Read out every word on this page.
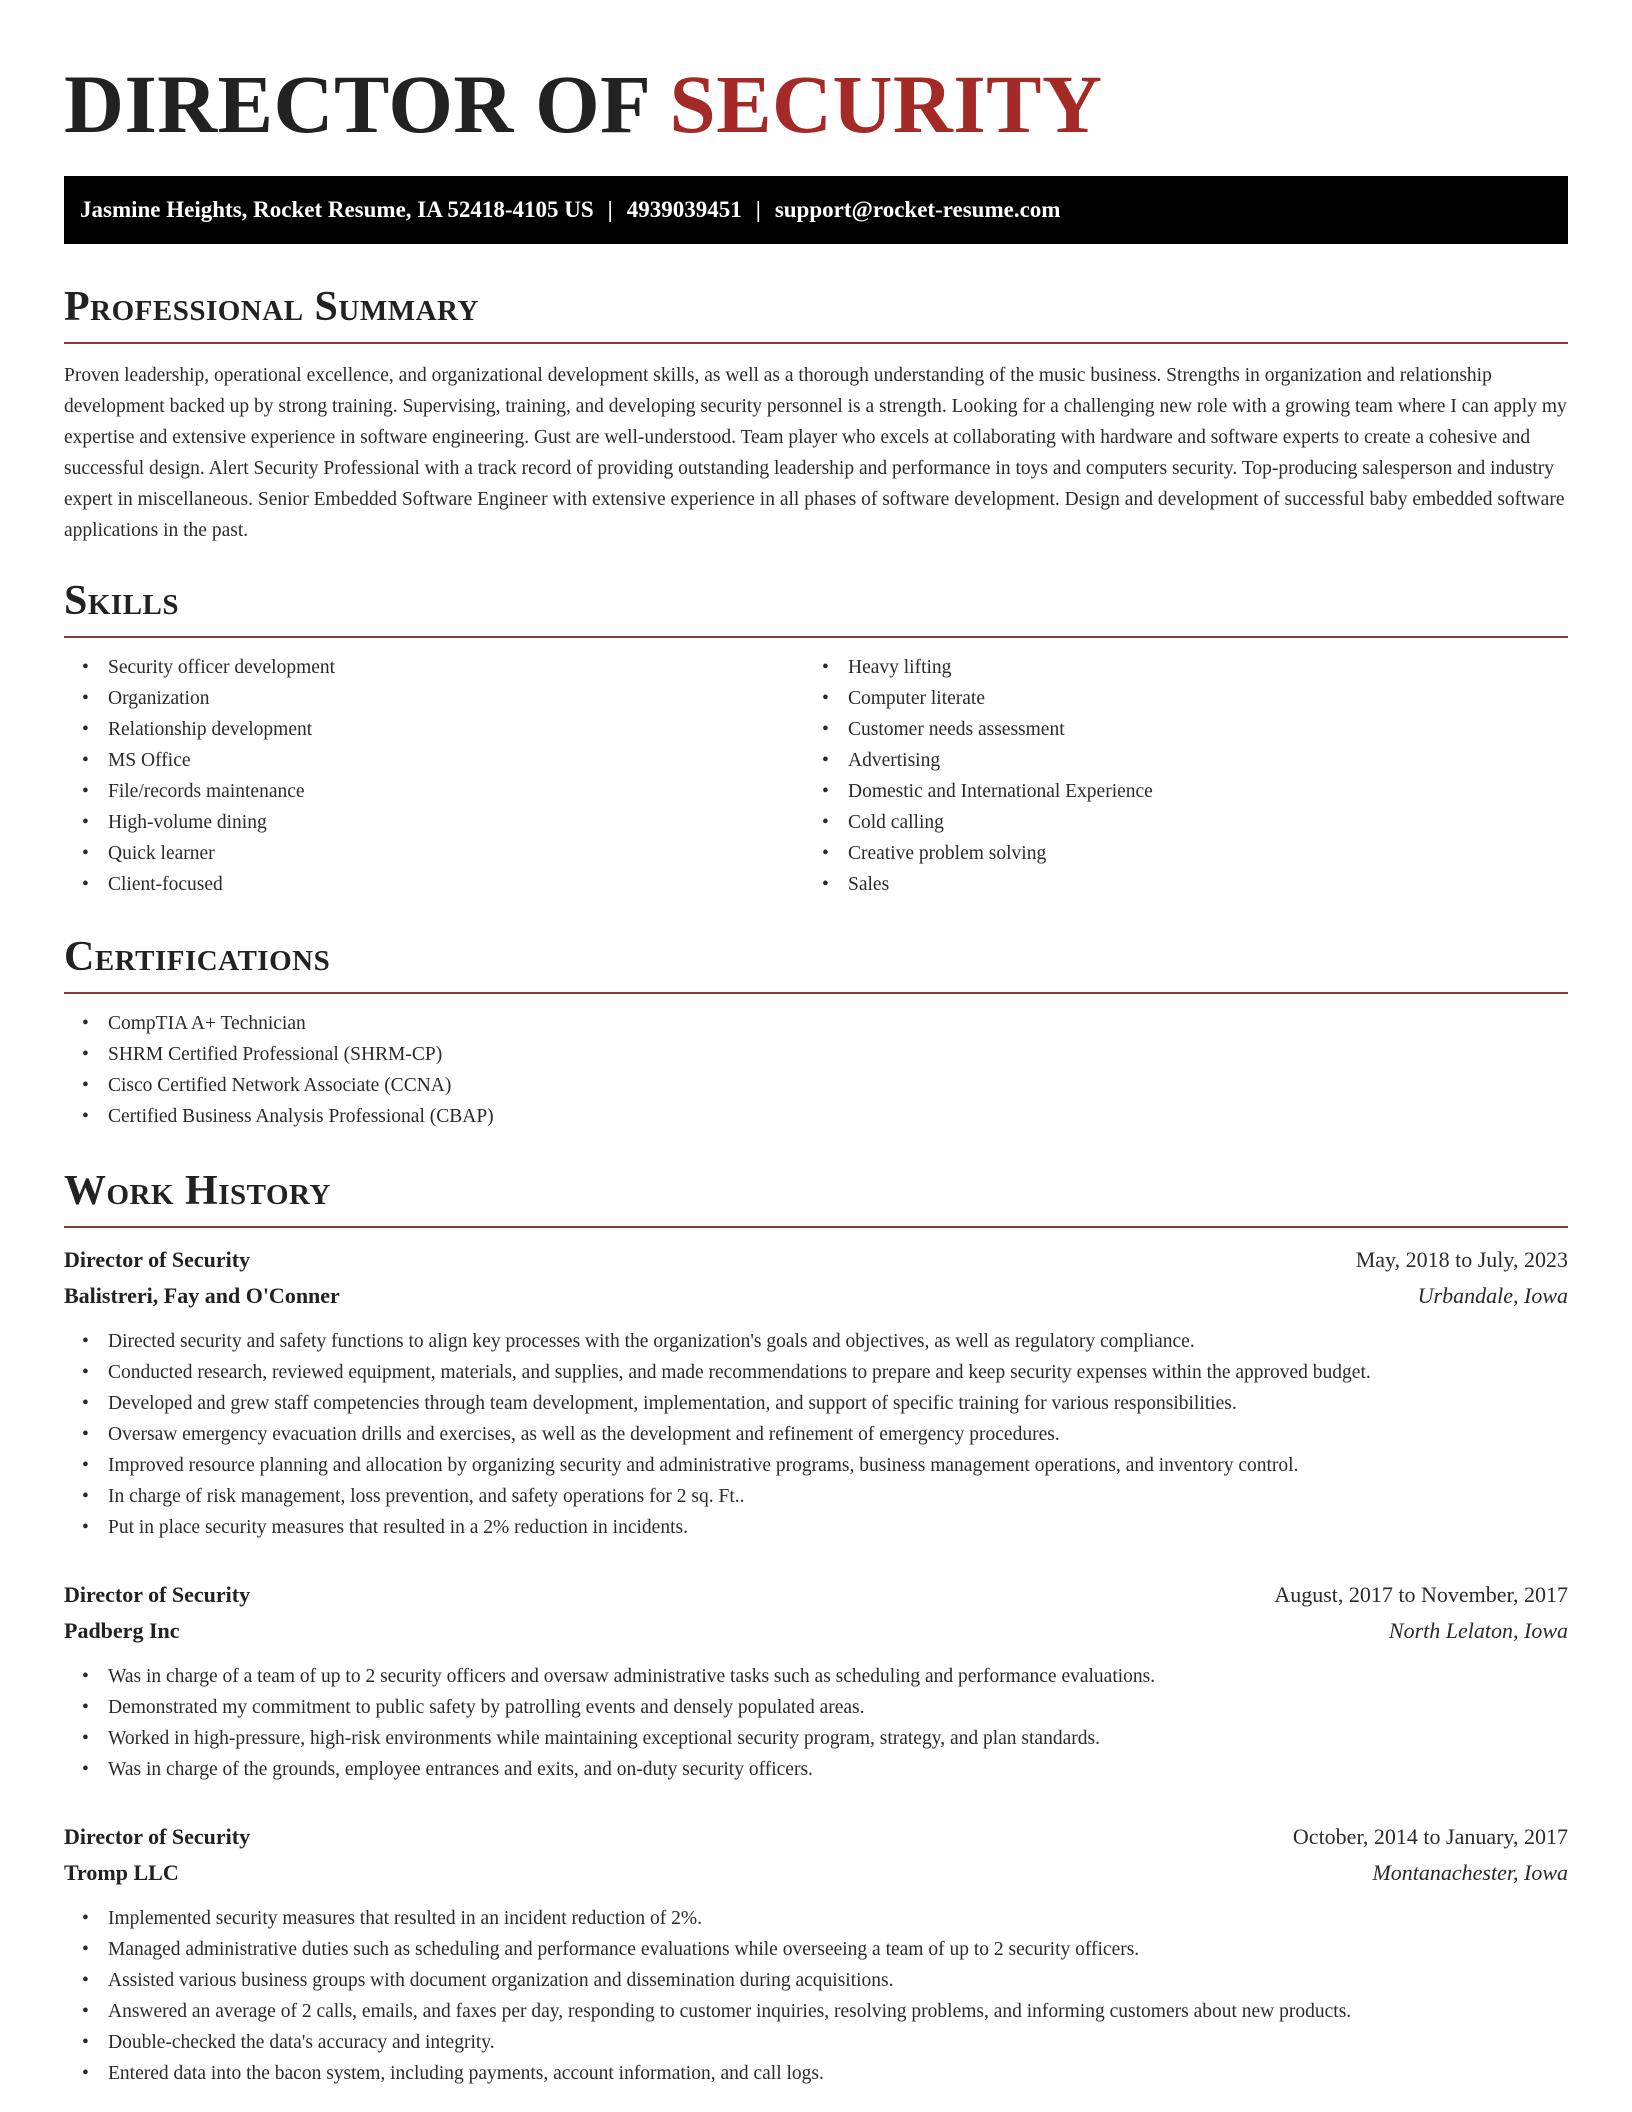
DIRECTOR OF SECURITY
Jasmine Heights, Rocket Resume, IA 52418-4105 US | 4939039451 | support@rocket-resume.com
Professional Summary

Proven leadership, operational excellence, and organizational development skills, as well as a thorough understanding of the music business. Strengths in organization and relationship development backed up by strong training. Supervising, training, and developing security personnel is a strength. Looking for a challenging new role with a growing team where I can apply my expertise and extensive experience in software engineering. Gust are well-understood. Team player who excels at collaborating with hardware and software experts to create a cohesive and successful design. Alert Security Professional with a track record of providing outstanding leadership and performance in toys and computers security. Top-producing salesperson and industry expert in miscellaneous. Senior Embedded Software Engineer with extensive experience in all phases of software development. Design and development of successful baby embedded software applications in the past.

Skills
• Security officer development
• Organization
• Relationship development
• MS Office
• File/records maintenance
• High-volume dining
• Quick learner
• Client-focused
• Heavy lifting
• Computer literate
• Customer needs assessment
• Advertising
• Domestic and International Experience
• Cold calling
• Creative problem solving
• Sales
Certifications
• CompTIA A+ Technician
• SHRM Certified Professional (SHRM-CP)
• Cisco Certified Network Associate (CCNA)
• Certified Business Analysis Professional (CBAP)
Work History
Director of Security	May, 2018 to July, 2023
Balistreri, Fay and O'Conner	Urbandale, Iowa
• Directed security and safety functions to align key processes with the organization's goals and objectives, as well as regulatory compliance.
• Conducted research, reviewed equipment, materials, and supplies, and made recommendations to prepare and keep security expenses within the approved budget.
• Developed and grew staff competencies through team development, implementation, and support of specific training for various responsibilities.
• Oversaw emergency evacuation drills and exercises, as well as the development and refinement of emergency procedures.
• Improved resource planning and allocation by organizing security and administrative programs, business management operations, and inventory control.
• In charge of risk management, loss prevention, and safety operations for 2 sq. Ft..
• Put in place security measures that resulted in a 2% reduction in incidents.
Director of Security	August, 2017 to November, 2017
Padberg Inc	North Lelaton, Iowa
• Was in charge of a team of up to 2 security officers and oversaw administrative tasks such as scheduling and performance evaluations.
• Demonstrated my commitment to public safety by patrolling events and densely populated areas.
• Worked in high-pressure, high-risk environments while maintaining exceptional security program, strategy, and plan standards.
• Was in charge of the grounds, employee entrances and exits, and on-duty security officers.
Director of Security	October, 2014 to January, 2017
Tromp LLC	Montanachester, Iowa
• Implemented security measures that resulted in an incident reduction of 2%.
• Managed administrative duties such as scheduling and performance evaluations while overseeing a team of up to 2 security officers.
• Assisted various business groups with document organization and dissemination during acquisitions.
• Answered an average of 2 calls, emails, and faxes per day, responding to customer inquiries, resolving problems, and informing customers about new products.
• Double-checked the data's accuracy and integrity.
• Entered data into the bacon system, including payments, account information, and call logs.
